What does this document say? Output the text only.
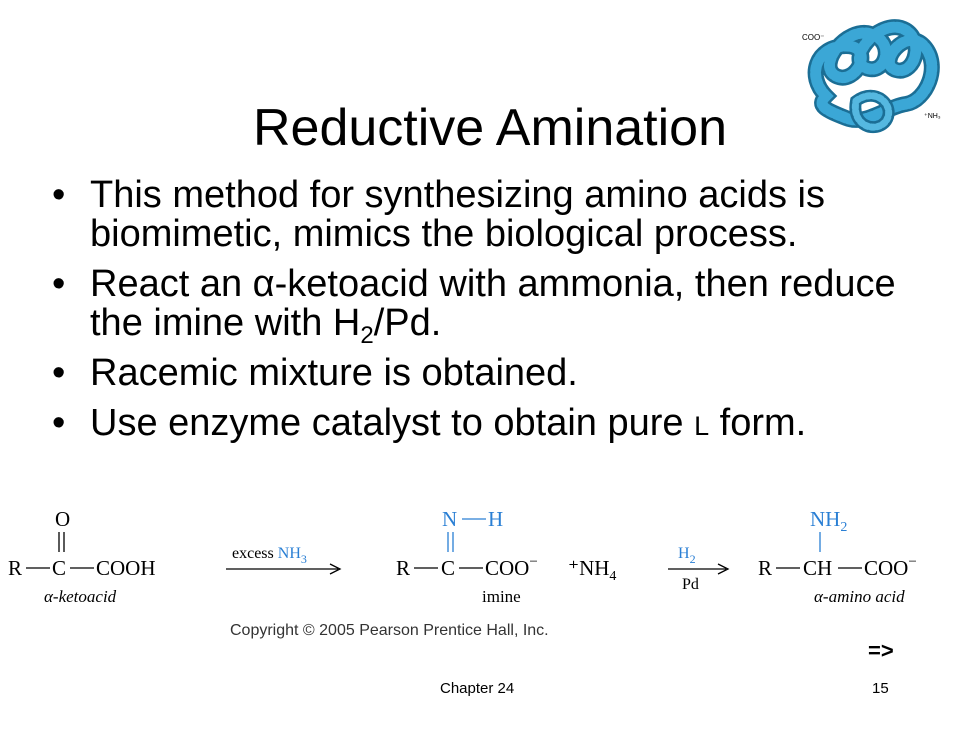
COO⁻
⁺NH₃
Reductive Amination
• This method for synthesizing amino acids is biomimetic, mimics the biological process.
• React an α-ketoacid with ammonia, then reduce the imine with $H_2/Pd$.
• Racemic mixture is obtained.
• Use enzyme catalyst to obtain pure L form.
O
R C COOH
α-ketoacid
excess $NH_3$
N H
R C COO− $^+NH_4$
imine
$H_2$
Pd
$NH_2$
R CH COO−
α-amino acid
Copyright © 2005 Pearson Prentice Hall, Inc.
=>
Chapter 24	15
